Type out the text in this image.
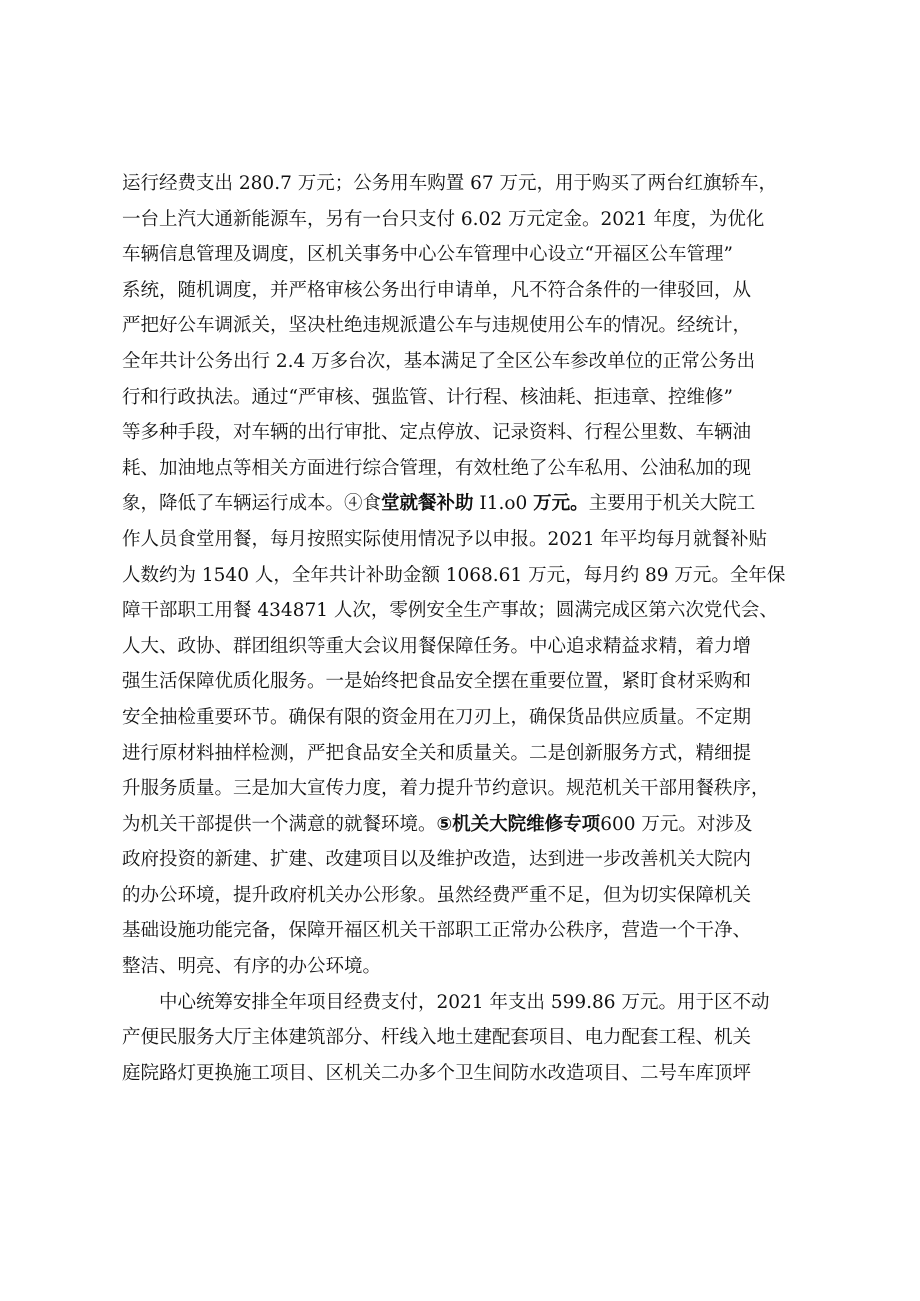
运行经费支出 280.7 万元；公务用车购置 67 万元，用于购买了两台红旗轿车，
一台上汽大通新能源车，另有一台只支付 6.02 万元定金。2021 年度，为优化
车辆信息管理及调度，区机关事务中心公车管理中心设立“开福区公车管理”
系统，随机调度，并严格审核公务出行申请单，凡不符合条件的一律驳回，从
严把好公车调派关，坚决杜绝违规派遣公车与违规使用公车的情况。经统计，
全年共计公务出行 2.4 万多台次，基本满足了全区公车参改单位的正常公务出
行和行政执法。通过“严审核、强监管、计行程、核油耗、拒违章、控维修”
等多种手段，对车辆的出行审批、定点停放、记录资料、行程公里数、车辆油
耗、加油地点等相关方面进行综合管理，有效杜绝了公车私用、公油私加的现
象，降低了车辆运行成本。④食堂就餐补助 I1.o0 万元。主要用于机关大院工
作人员食堂用餐，每月按照实际使用情况予以申报。2021 年平均每月就餐补贴
人数约为 1540 人，全年共计补助金额 1068.61 万元，每月约 89 万元。全年保
障干部职工用餐 434871 人次，零例安全生产事故；圆满完成区第六次党代会、
人大、政协、群团组织等重大会议用餐保障任务。中心追求精益求精，着力增
强生活保障优质化服务。一是始终把食品安全摆在重要位置，紧盯食材采购和
安全抽检重要环节。确保有限的资金用在刀刃上，确保货品供应质量。不定期
进行原材料抽样检测，严把食品安全关和质量关。二是创新服务方式，精细提
升服务质量。三是加大宣传力度，着力提升节约意识。规范机关干部用餐秩序，
为机关干部提供一个满意的就餐环境。⑤机关大院维修专项600 万元。对涉及
政府投资的新建、扩建、改建项目以及维护改造，达到进一步改善机关大院内
的办公环境，提升政府机关办公形象。虽然经费严重不足，但为切实保障机关
基础设施功能完备，保障开福区机关干部职工正常办公秩序，营造一个干净、
整洁、明亮、有序的办公环境。
　　中心统筹安排全年项目经费支付，2021 年支出 599.86 万元。用于区不动
产便民服务大厅主体建筑部分、杆线入地土建配套项目、电力配套工程、机关
庭院路灯更换施工项目、区机关二办多个卫生间防水改造项目、二号车库顶坪
